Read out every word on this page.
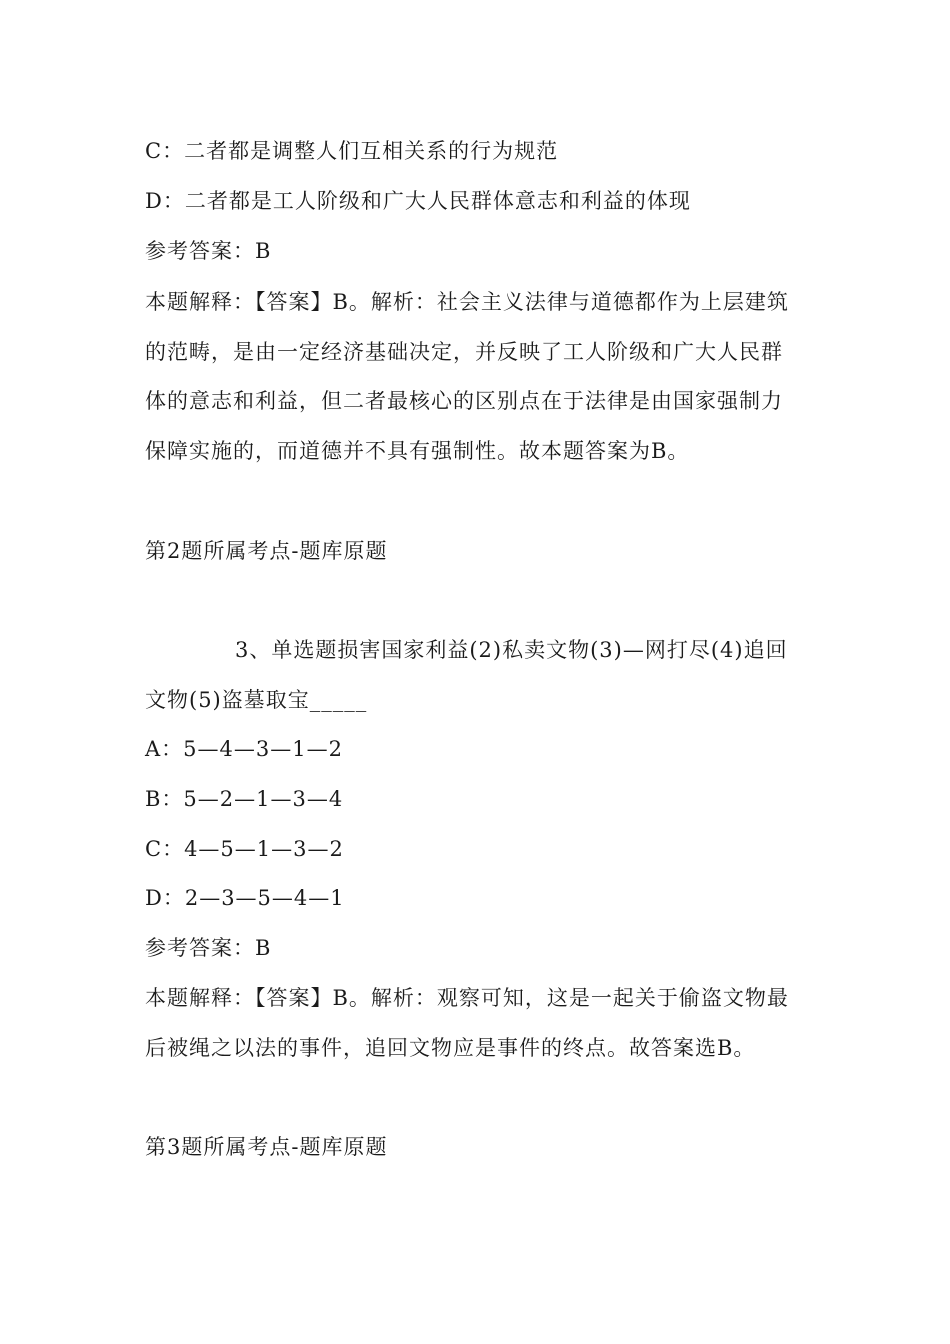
C：二者都是调整人们互相关系的行为规范
D：二者都是工人阶级和广大人民群体意志和利益的体现
参考答案：B
本题解释：【答案】B。解析：社会主义法律与道德都作为上层建筑
的范畴，是由一定经济基础决定，并反映了工人阶级和广大人民群
体的意志和利益，但二者最核心的区别点在于法律是由国家强制力
保障实施的，而道德并不具有强制性。故本题答案为B。
第2题所属考点-题库原题
3、单选题损害国家利益(2)私卖文物(3)—网打尽(4)追回
文物(5)盗墓取宝_____
A：5—4—3—1—2
B：5—2—1—3—4
C：4—5—1—3—2
D：2—3—5—4—1
参考答案：B
本题解释：【答案】B。解析：观察可知，这是一起关于偷盗文物最
后被绳之以法的事件，追回文物应是事件的终点。故答案选B。
第3题所属考点-题库原题
